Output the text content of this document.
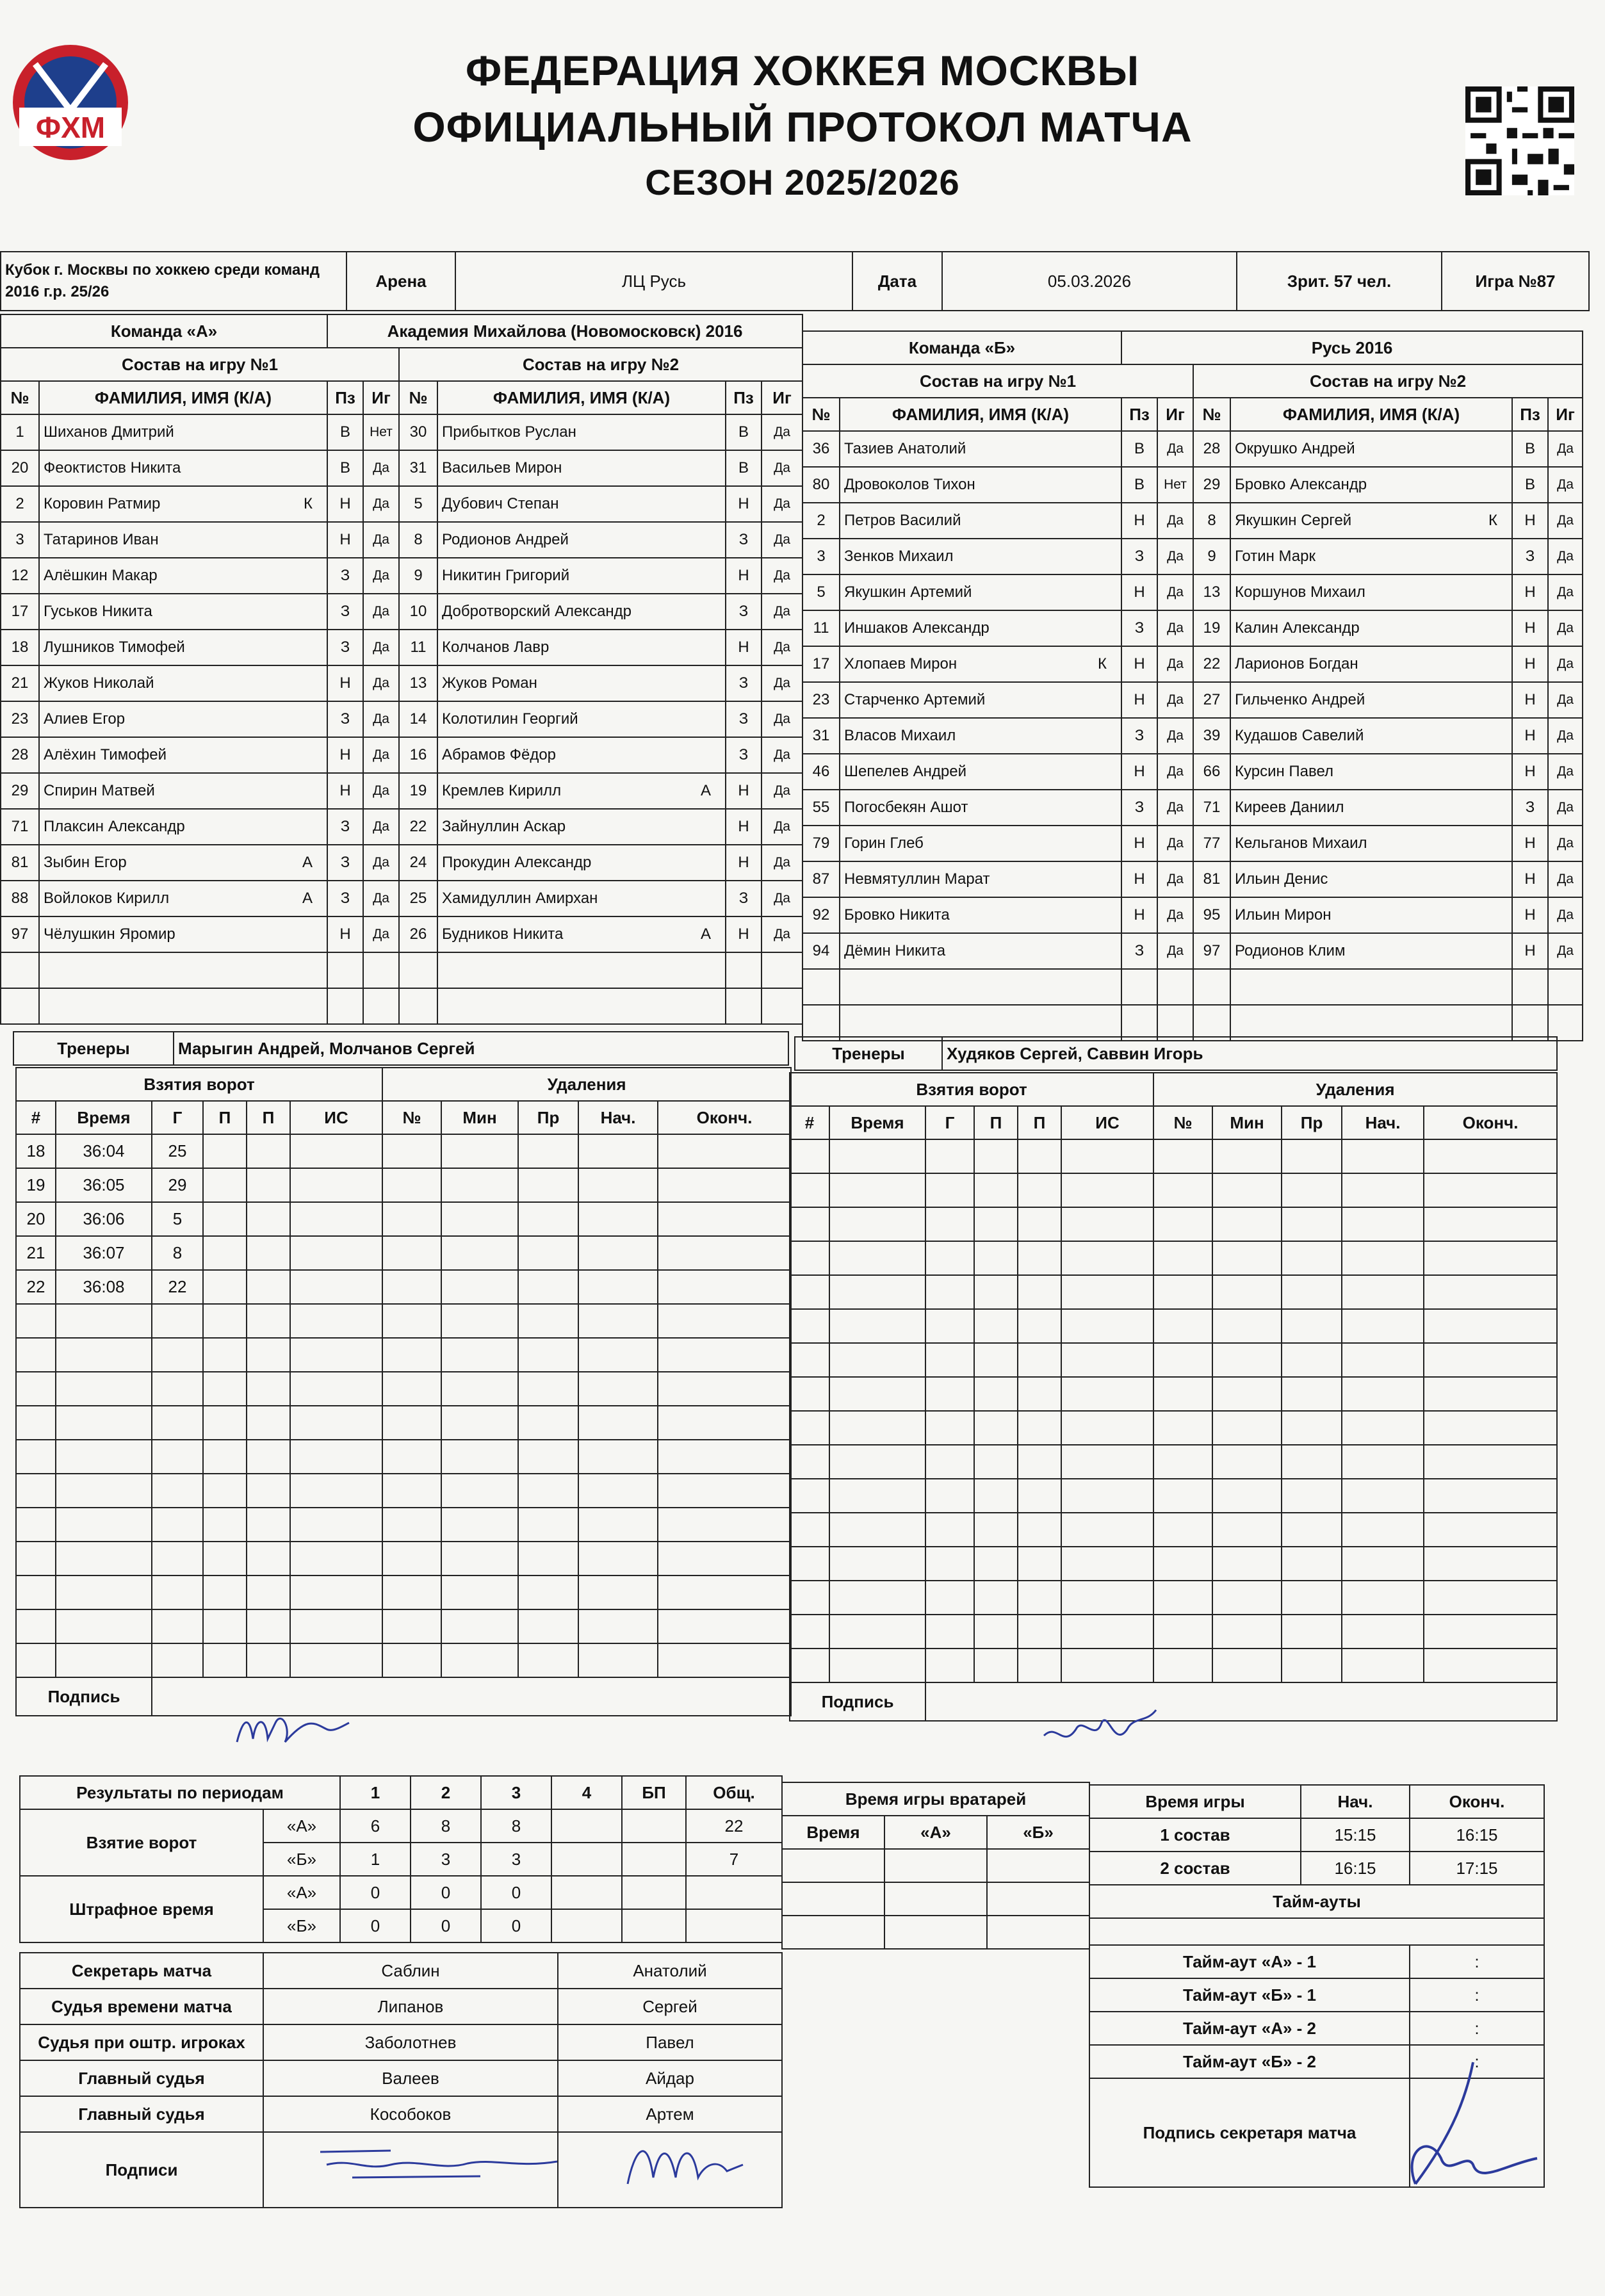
ФХМ
ФЕДЕРАЦИЯ ХОККЕЯ МОСКВЫ
ОФИЦИАЛЬНЫЙ ПРОТОКОЛ МАТЧА
СЕЗОН 2025/2026
Кубок г. Москвы по хоккею среди команд 2016 г.р. 25/26	Арена	ЛЦ Русь	Дата	05.03.2026	Зрит. 57 чел.	Игра №87
Команда «А»		Академия Михайлова (Новомосковск) 2016					
Состав на игру №1				Состав на игру №2			
№	ФАМИЛИЯ, ИМЯ (К/А)	Пз	Иг	№	ФАМИЛИЯ, ИМЯ (К/А)	Пз	Иг
1	Шиханов Дмитрий	В	Нет	30	Прибытков Руслан	В	Да
20	Феоктистов Никита	В	Да	31	Васильев Мирон	В	Да
2	Коровин Ратмир К	Н	Да	5	Дубович Степан	Н	Да
3	Татаринов Иван	Н	Да	8	Родионов Андрей	З	Да
12	Алёшкин Макар	З	Да	9	Никитин Григорий	Н	Да
17	Гуськов Никита	З	Да	10	Добротворский Александр	З	Да
18	Лушников Тимофей	З	Да	11	Колчанов Лавр	Н	Да
21	Жуков Николай	Н	Да	13	Жуков Роман	З	Да
23	Алиев Егор	З	Да	14	Колотилин Георгий	З	Да
28	Алёхин Тимофей	Н	Да	16	Абрамов Фёдор	З	Да
29	Спирин Матвей	Н	Да	19	Кремлев Кирилл А	Н	Да
71	Плаксин Александр	З	Да	22	Зайнуллин Аскар	Н	Да
81	Зыбин Егор А	З	Да	24	Прокудин Александр	Н	Да
88	Войлоков Кирилл А	З	Да	25	Хамидуллин Амирхан	З	Да
97	Чёлушкин Яромир	Н	Да	26	Будников Никита А	Н	Да

Команда «Б»		Русь 2016					
Состав на игру №1				Состав на игру №2			
№	ФАМИЛИЯ, ИМЯ (К/А)	Пз	Иг	№	ФАМИЛИЯ, ИМЯ (К/А)	Пз	Иг
36	Тазиев Анатолий	В	Да	28	Окрушко Андрей	В	Да
80	Дровоколов Тихон	В	Нет	29	Бровко Александр	В	Да
2	Петров Василий	Н	Да	8	Якушкин Сергей К	Н	Да
3	Зенков Михаил	З	Да	9	Готин Марк	З	Да
5	Якушкин Артемий	Н	Да	13	Коршунов Михаил	Н	Да
11	Иншаков Александр	З	Да	19	Калин Александр	Н	Да
17	Хлопаев Мирон К	Н	Да	22	Ларионов Богдан	Н	Да
23	Старченко Артемий	Н	Да	27	Гильченко Андрей	Н	Да
31	Власов Михаил	З	Да	39	Кудашов Савелий	Н	Да
46	Шепелев Андрей	Н	Да	66	Курсин Павел	Н	Да
55	Погосбекян Ашот	З	Да	71	Киреев Даниил	З	Да
79	Горин Глеб	Н	Да	77	Кельганов Михаил	Н	Да
87	Невмятуллин Марат	Н	Да	81	Ильин Денис	Н	Да
92	Бровко Никита	Н	Да	95	Ильин Мирон	Н	Да
94	Дёмин Никита	З	Да	97	Родионов Клим	Н	Да

Тренеры	Марыгин Андрей, Молчанов Сергей	Тренеры	Худяков Сергей, Саввин Игорь
Взятия ворот						Удаления				
#	Время	Г	П	П	ИС	№	Мин	Пр	Нач.	Оконч.
18	36:04	25								
19	36:05	29								
20	36:06	5								
21	36:07	8								
22	36:08	22								

Подпись										
Взятия ворот						Удаления				
#	Время	Г	П	П	ИС	№	Мин	Пр	Нач.	Оконч.

Подпись										
Результаты по периодам		1	2	3	4	БП	Общ.
Взятие ворот	«А»	6	8	8			22
	«Б»	1	3	3			7
Штрафное время	«А»	0	0	0			
	«Б»	0	0	0			
Время игры вратарей		
Время	«А»	«Б»

Время игры	Нач.	Оконч.
1 состав	15:15	16:15
2 состав	16:15	17:15
Тайм-ауты		

Тайм-аут «А» - 1		:
Тайм-аут «Б» - 1		:
Тайм-аут «А» - 2		:
Тайм-аут «Б» - 2		:
Подпись секретаря матча		
Секретарь матча	Саблин	Анатолий
Судья времени матча	Липанов	Сергей
Судья при оштр. игроках	Заболотнев	Павел
Главный судья	Валеев	Айдар
Главный судья	Кособоков	Артем
Подписи		
